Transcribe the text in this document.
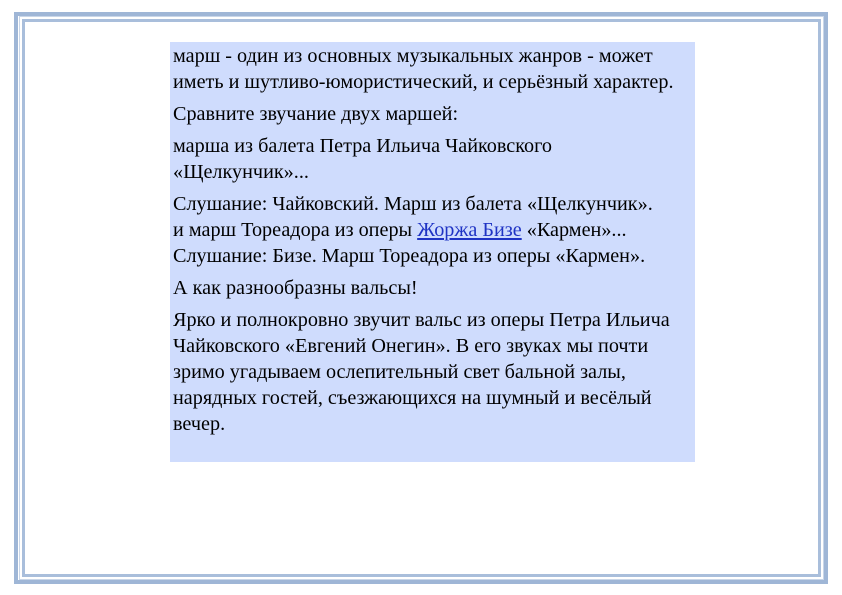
марш - один из основных музыкальных жанров - может иметь и шутливо-юмористический, и серьёзный характер.

Сравните звучание двух маршей:

марша из балета Петра Ильича Чайковского «Щелкунчик»...

Слушание: Чайковский. Марш из балета «Щелкунчик».
и марш Тореадора из оперы Жоржа Бизе «Кармен»...

Слушание: Бизе. Марш Тореадора из оперы «Кармен».

А как разнообразны вальсы!

Ярко и полнокровно звучит вальс из оперы Петра Ильича Чайковского «Евгений Онегин». В его звуках мы почти зримо угадываем ослепительный свет бальной залы, нарядных гостей, съезжающихся на шумный и весёлый вечер.
